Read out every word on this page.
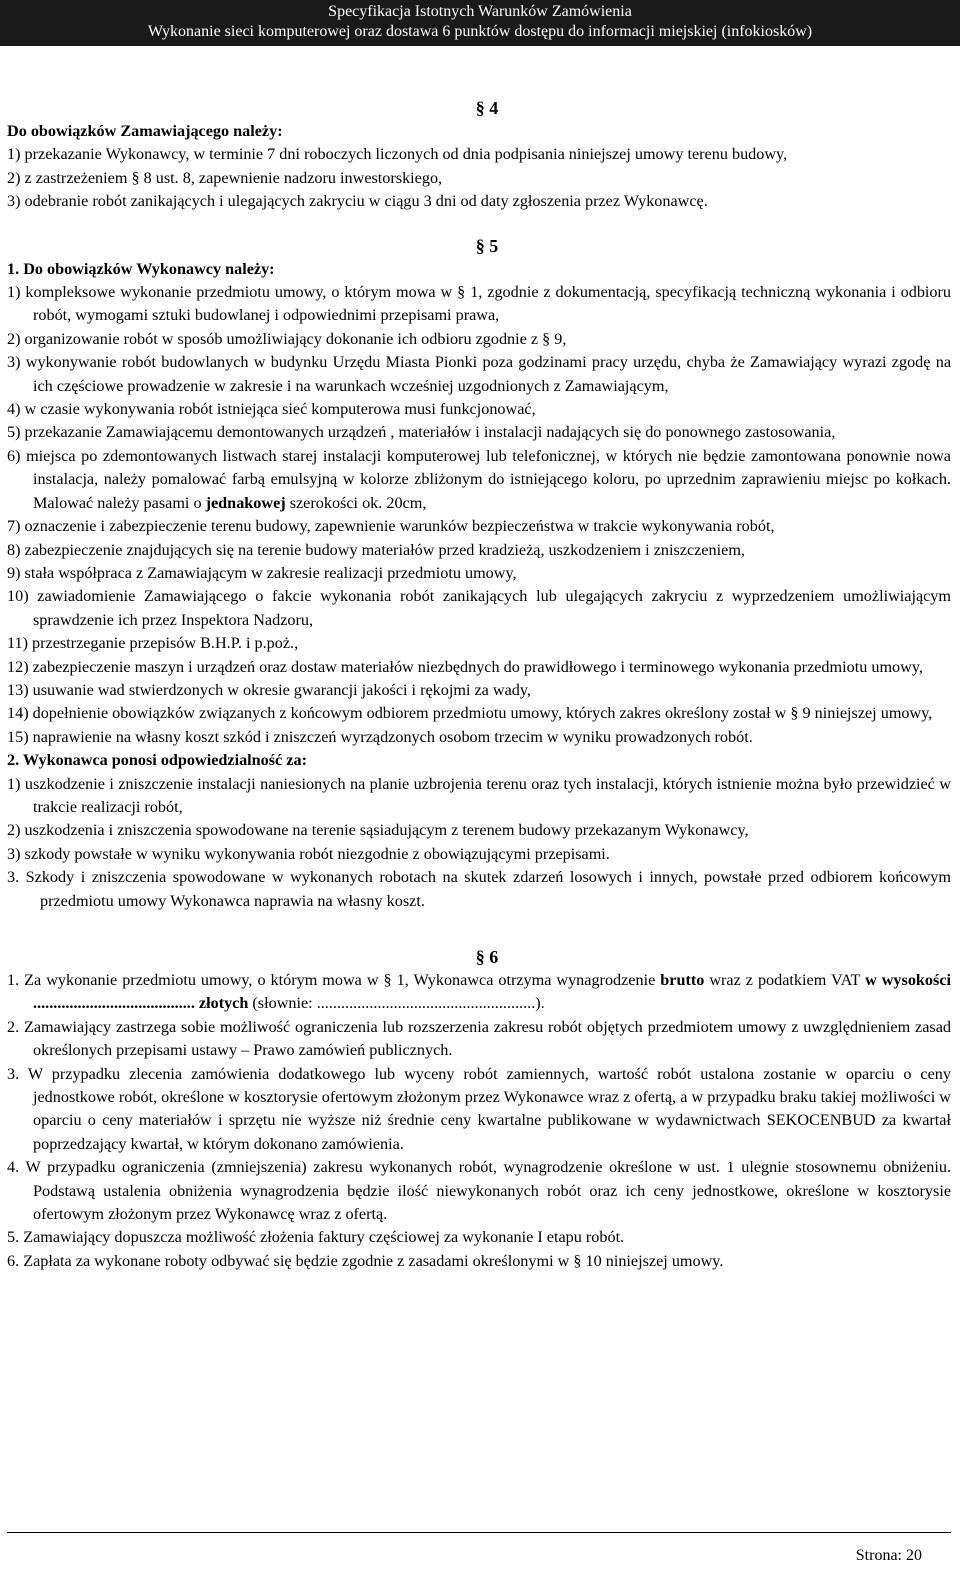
Specyfikacja Istotnych Warunków Zamówienia
Wykonanie sieci komputerowej oraz dostawa 6 punktów dostępu do informacji miejskiej (infokiosków)
§ 4

Do obowiązków Zamawiającego należy:

1) przekazanie Wykonawcy, w terminie 7 dni roboczych liczonych od dnia podpisania niniejszej umowy terenu budowy,

2) z zastrzeżeniem § 8 ust. 8, zapewnienie nadzoru inwestorskiego,

3) odebranie robót zanikających i ulegających zakryciu w ciągu 3 dni od daty zgłoszenia przez Wykonawcę.

§ 5

1. Do obowiązków Wykonawcy należy:

1) kompleksowe wykonanie przedmiotu umowy, o którym mowa w § 1, zgodnie z dokumentacją, specyfikacją techniczną wykonania i odbioru robót, wymogami sztuki budowlanej i odpowiednimi przepisami prawa,

2) organizowanie robót w sposób umożliwiający dokonanie ich odbioru zgodnie z § 9,

3) wykonywanie robót budowlanych w budynku Urzędu Miasta Pionki poza godzinami pracy urzędu, chyba że Zamawiający wyrazi zgodę na ich częściowe prowadzenie w zakresie i na warunkach wcześniej uzgodnionych z Zamawiającym,

4) w czasie wykonywania robót istniejąca sieć komputerowa musi funkcjonować,

5) przekazanie Zamawiającemu demontowanych urządzeń , materiałów i instalacji nadających się do ponownego zastosowania,

6) miejsca po zdemontowanych listwach starej instalacji komputerowej lub telefonicznej, w których nie będzie zamontowana ponownie nowa instalacja, należy pomalować farbą emulsyjną w kolorze zbliżonym do istniejącego koloru, po uprzednim zaprawieniu miejsc po kołkach. Malować należy pasami o jednakowej szerokości ok. 20cm,

7) oznaczenie i zabezpieczenie terenu budowy, zapewnienie warunków bezpieczeństwa w trakcie wykonywania robót,

8) zabezpieczenie znajdujących się na terenie budowy materiałów przed kradzieżą, uszkodzeniem i zniszczeniem,

9) stała współpraca z Zamawiającym w zakresie realizacji przedmiotu umowy,

10) zawiadomienie Zamawiającego o fakcie wykonania robót zanikających lub ulegających zakryciu z wyprzedzeniem umożliwiającym sprawdzenie ich przez Inspektora Nadzoru,

11) przestrzeganie przepisów B.H.P. i p.poż.,

12) zabezpieczenie maszyn i urządzeń oraz dostaw materiałów niezbędnych do prawidłowego i terminowego wykonania przedmiotu umowy,

13) usuwanie wad stwierdzonych w okresie gwarancji jakości i rękojmi za wady,

14) dopełnienie obowiązków związanych z końcowym odbiorem przedmiotu umowy, których zakres określony został w § 9 niniejszej umowy,

15) naprawienie na własny koszt szkód i zniszczeń wyrządzonych osobom trzecim w wyniku prowadzonych robót.

2. Wykonawca ponosi odpowiedzialność za:

1) uszkodzenie i zniszczenie instalacji naniesionych na planie uzbrojenia terenu oraz tych instalacji, których istnienie można było przewidzieć w trakcie realizacji robót,

2) uszkodzenia i zniszczenia spowodowane na terenie sąsiadującym z terenem budowy przekazanym Wykonawcy,

3) szkody powstałe w wyniku wykonywania robót niezgodnie z obowiązującymi przepisami.

3. Szkody i zniszczenia spowodowane w wykonanych robotach na skutek zdarzeń losowych i innych, powstałe przed odbiorem końcowym przedmiotu umowy Wykonawca naprawia na własny koszt.

§ 6

1. Za wykonanie przedmiotu umowy, o którym mowa w § 1, Wykonawca otrzyma wynagrodzenie brutto wraz z podatkiem VAT w wysokości ........................................ złotych (słownie: ......................................................).

2. Zamawiający zastrzega sobie możliwość ograniczenia lub rozszerzenia zakresu robót objętych przedmiotem umowy z uwzględnieniem zasad określonych przepisami ustawy – Prawo zamówień publicznych.

3. W przypadku zlecenia zamówienia dodatkowego lub wyceny robót zamiennych, wartość robót ustalona zostanie w oparciu o ceny jednostkowe robót, określone w kosztorysie ofertowym złożonym przez Wykonawce wraz z ofertą, a w przypadku braku takiej możliwości w oparciu o ceny materiałów i sprzętu nie wyższe niż średnie ceny kwartalne publikowane w wydawnictwach SEKOCENBUD za kwartał poprzedzający kwartał, w którym dokonano zamówienia.

4. W przypadku ograniczenia (zmniejszenia) zakresu wykonanych robót, wynagrodzenie określone w ust. 1 ulegnie stosownemu obniżeniu. Podstawą ustalenia obniżenia wynagrodzenia będzie ilość niewykonanych robót oraz ich ceny jednostkowe, określone w kosztorysie ofertowym złożonym przez Wykonawcę wraz z ofertą.

5. Zamawiający dopuszcza możliwość złożenia faktury częściowej za wykonanie I etapu robót.

6. Zapłata za wykonane roboty odbywać się będzie zgodnie z zasadami określonymi w § 10 niniejszej umowy.

Strona: 20
